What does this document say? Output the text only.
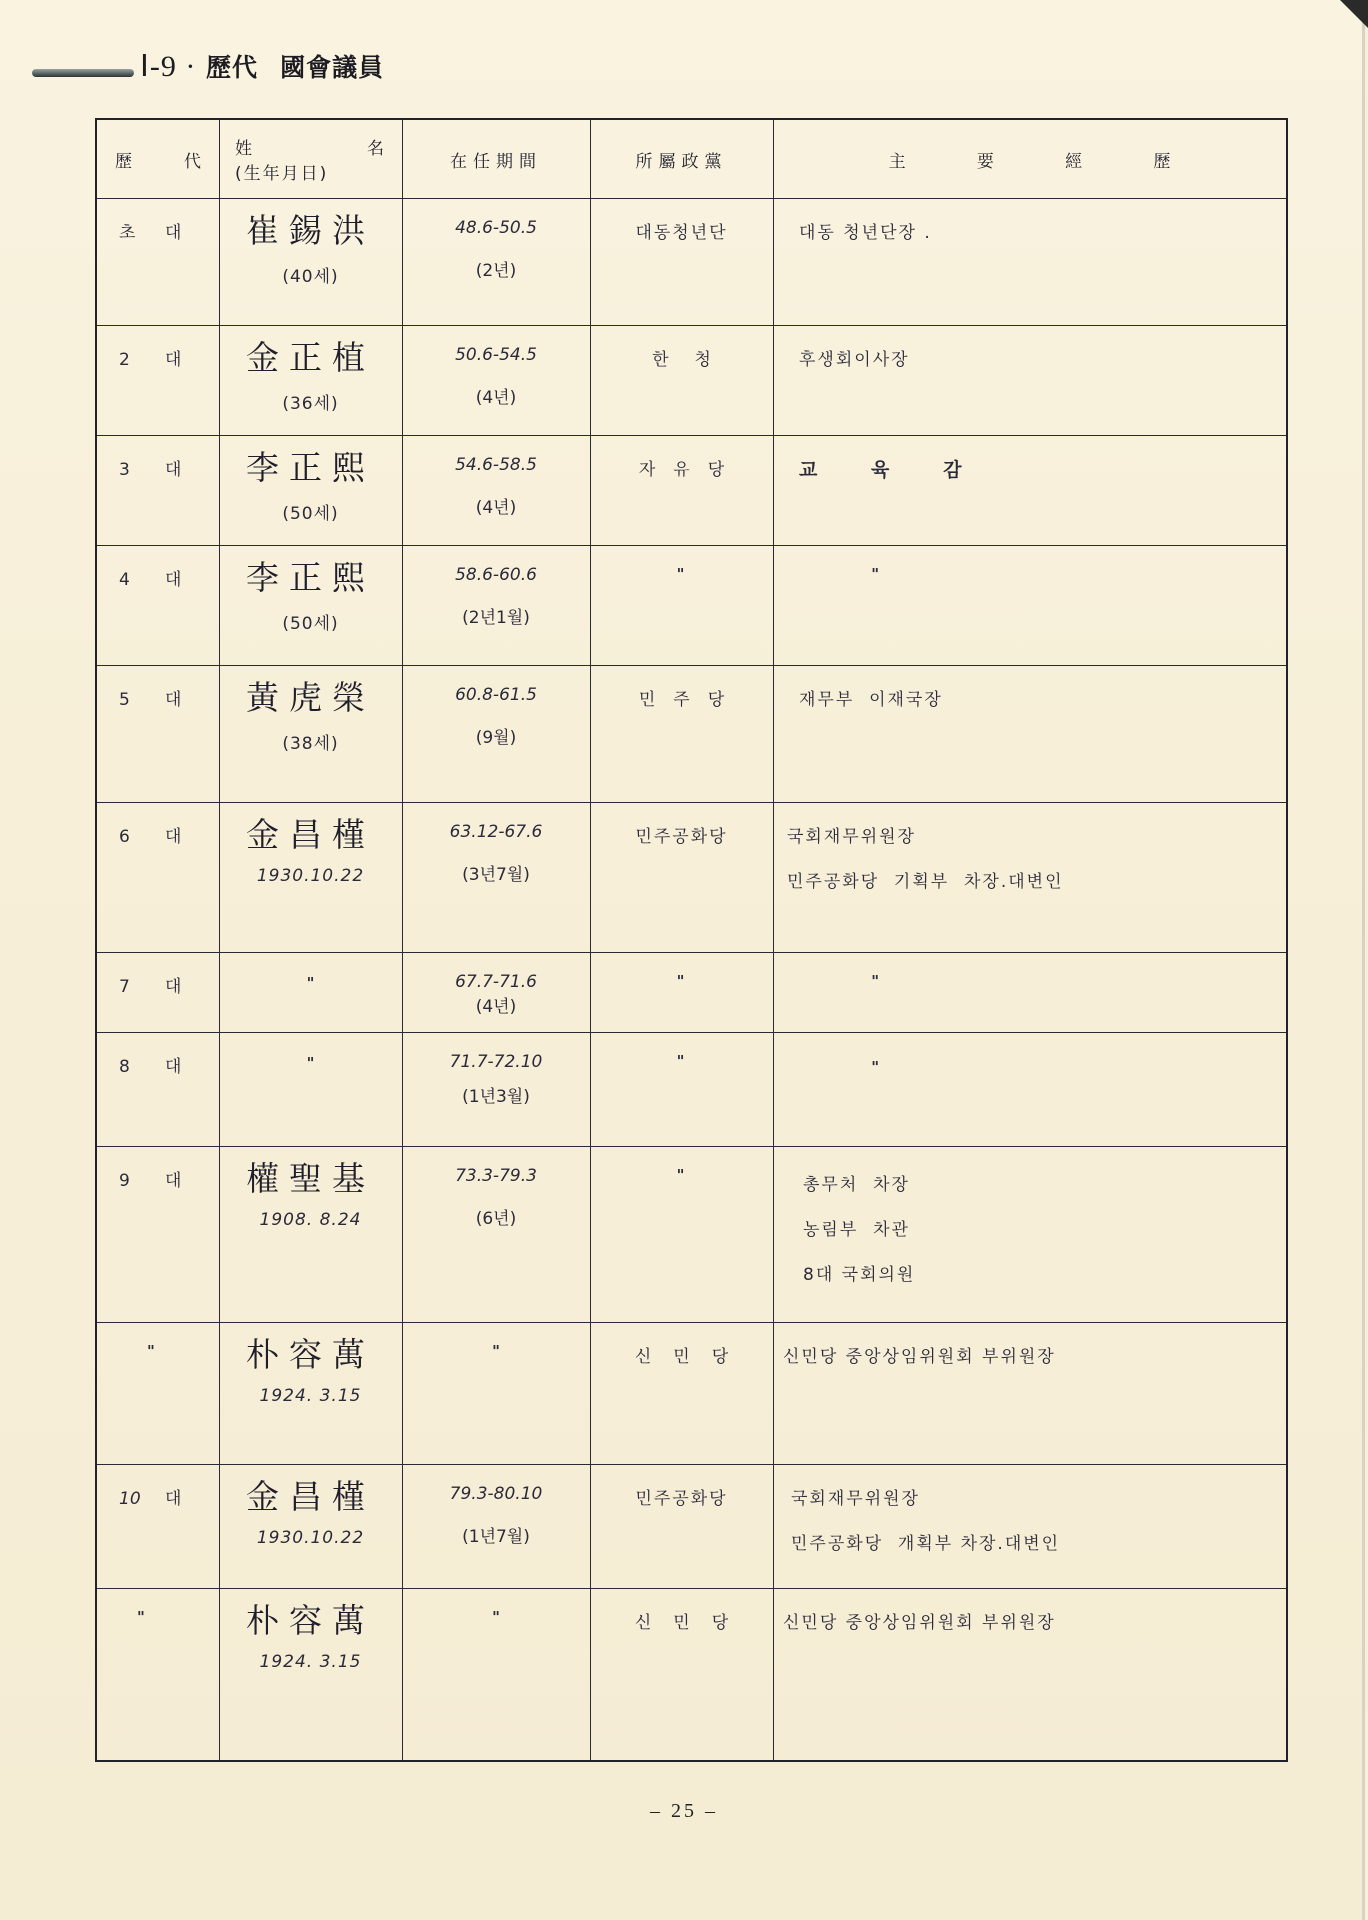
Ⅰ-9 · 歷代 國會議員
歷	代
姓	名
(生年月日)
在任期間	所屬政黨	主	要	經	歷
초 대	崔錫洪
(40세)
48.6-50.5
(2년)
대동청년단	대동 청년단장 .
2 대	金正植
(36세)
50.6-54.5
(4년)
한청	후생회이사장
3 대	李正熙
(50세)
54.6-58.5
(4년)
자유당	교      육      감
4 대	李正熙
(50세)
58.6-60.6
(2년1월)
"	"
5 대	黃虎榮
(38세)
60.8-61.5
(9월)
민주당	재무부  이재국장
6 대	金昌槿
1930.10.22
63.12-67.6
(3년7월)
민주공화당	국회재무위원장
민주공화당  기획부  차장.대변인
7 대	"	67.7-71.6
(4년)
"	"
8 대	"	71.7-72.10
(1년3월)
"	"
9 대	權聖基
1908. 8.24
73.3-79.3
(6년)
"	총무처  차장
농림부  차관
8대 국회의원
"	朴容萬
1924. 3.15
"	신민당	신민당 중앙상임위원회 부위원장
10 대	金昌槿
1930.10.22
79.3-80.10
(1년7월)
민주공화당	국회재무위원장
민주공화당  개획부 차장.대변인
"	朴容萬
1924. 3.15
"	신민당	신민당 중앙상임위원회 부위원장
– 25 –
